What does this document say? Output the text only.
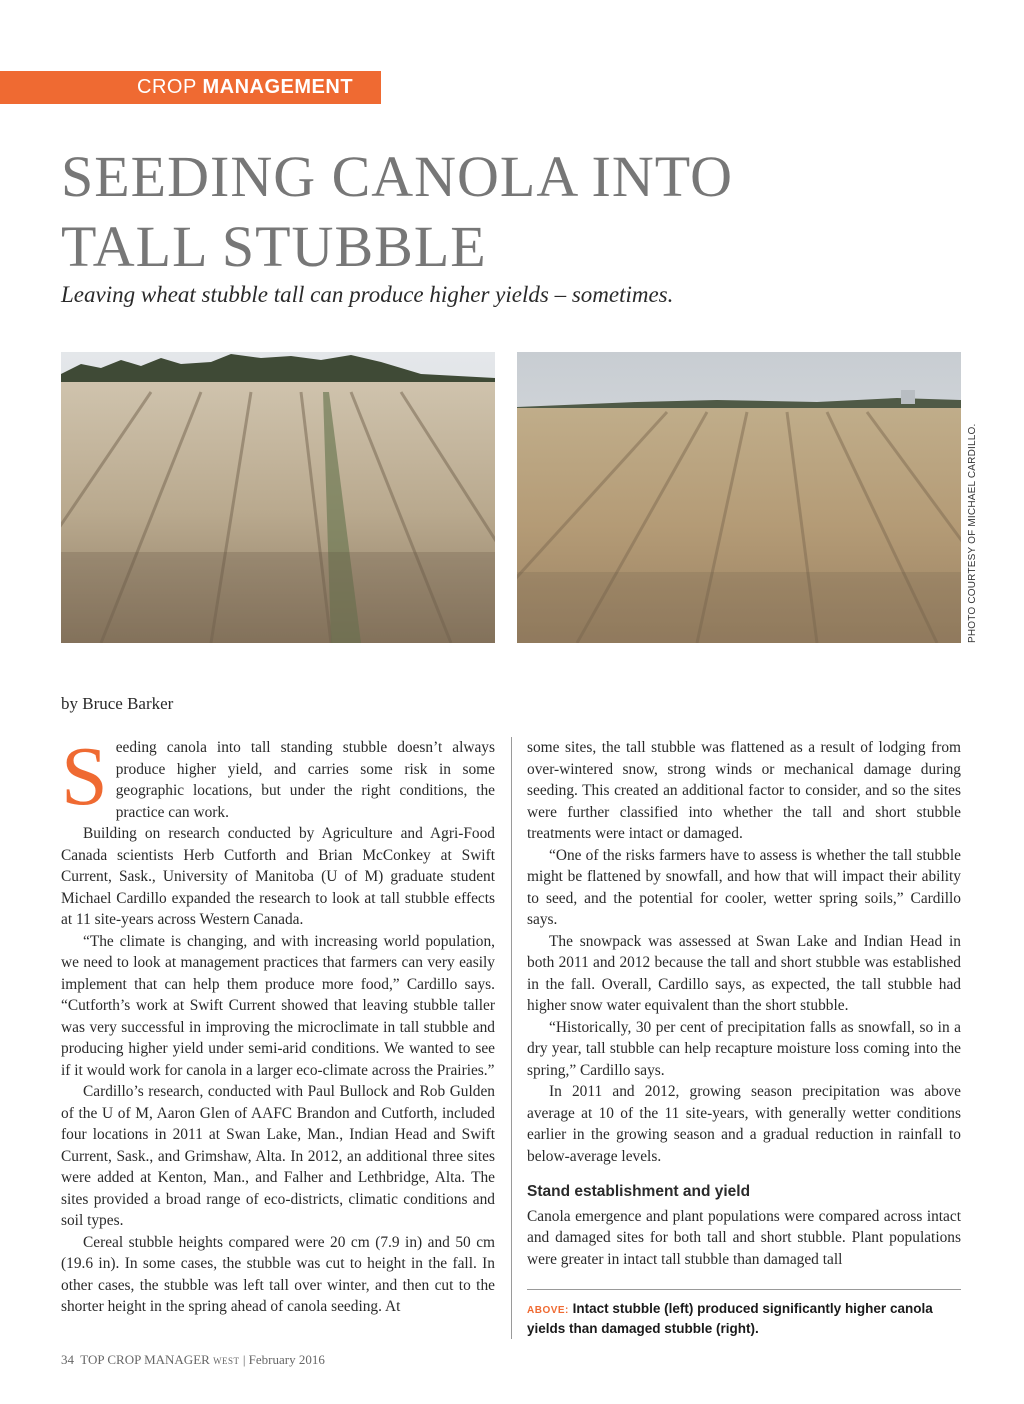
CROP MANAGEMENT
SEEDING CANOLA INTO
TALL STUBBLE

Leaving wheat stubble tall can produce higher yields – sometimes.

PHOTO COURTESY OF MICHAEL CARDILLO.
by Bruce Barker

Seeding canola into tall standing stubble doesn’t always produce higher yield, and carries some risk in some geographic locations, but under the right conditions, the practice can work.

Building on research conducted by Agriculture and Agri-Food Canada scientists Herb Cutforth and Brian McConkey at Swift Current, Sask., University of Manitoba (U of M) graduate student Michael Cardillo expanded the research to look at tall stubble effects at 11 site-years across Western Canada.

“The climate is changing, and with increasing world population, we need to look at management practices that farmers can very easily implement that can help them produce more food,” Cardillo says. “Cutforth’s work at Swift Current showed that leaving stubble taller was very successful in improving the microclimate in tall stubble and producing higher yield under semi-arid conditions. We wanted to see if it would work for canola in a larger eco-climate across the Prairies.”

Cardillo’s research, conducted with Paul Bullock and Rob Gulden of the U of M, Aaron Glen of AAFC Brandon and Cutforth, included four locations in 2011 at Swan Lake, Man., Indian Head and Swift Current, Sask., and Grimshaw, Alta. In 2012, an additional three sites were added at Kenton, Man., and Falher and Lethbridge, Alta. The sites provided a broad range of eco-districts, climatic conditions and soil types.

Cereal stubble heights compared were 20 cm (7.9 in) and 50 cm (19.6 in). In some cases, the stubble was cut to height in the fall. In other cases, the stubble was left tall over winter, and then cut to the shorter height in the spring ahead of canola seeding. At

some sites, the tall stubble was flattened as a result of lodging from over-wintered snow, strong winds or mechanical damage during seeding. This created an additional factor to consider, and so the sites were further classified into whether the tall and short stubble treatments were intact or damaged.

“One of the risks farmers have to assess is whether the tall stubble might be flattened by snowfall, and how that will impact their ability to seed, and the potential for cooler, wetter spring soils,” Cardillo says.

The snowpack was assessed at Swan Lake and Indian Head in both 2011 and 2012 because the tall and short stubble was established in the fall. Overall, Cardillo says, as expected, the tall stubble had higher snow water equivalent than the short stubble.

“Historically, 30 per cent of precipitation falls as snowfall, so in a dry year, tall stubble can help recapture moisture loss coming into the spring,” Cardillo says.

In 2011 and 2012, growing season precipitation was above average at 10 of the 11 site-years, with generally wetter conditions earlier in the growing season and a gradual reduction in rainfall to below-average levels.

Stand establishment and yield

Canola emergence and plant populations were compared across intact and damaged sites for both tall and short stubble. Plant populations were greater in intact tall stubble than damaged tall

ABOVE: Intact stubble (left) produced significantly higher canola yields than damaged stubble (right).
34 TOP CROP MANAGER WEST | February 2016
